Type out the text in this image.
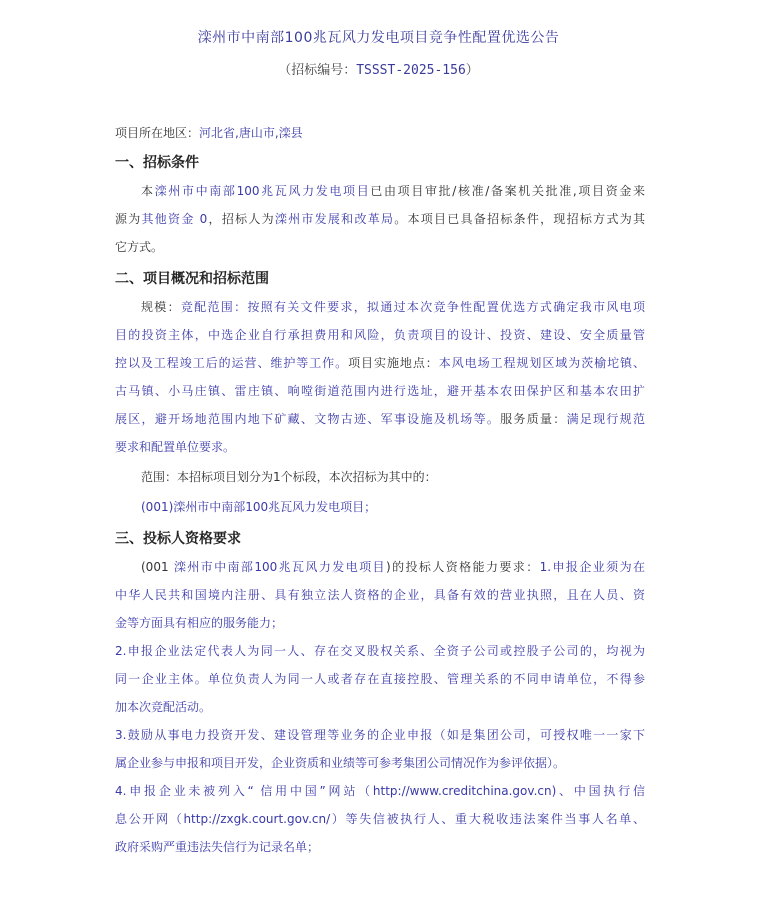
滦州市中南部100兆瓦风力发电项目竞争性配置优选公告
（招标编号：TSSST-2025-156）
项目所在地区：河北省,唐山市,滦县
一、招标条件
本滦州市中南部100兆瓦风力发电项目已由项目审批/核准/备案机关批准,项目资金来
源为其他资金 0，招标人为滦州市发展和改革局。本项目已具备招标条件，现招标方式为其
它方式。
二、项目概况和招标范围
规模：竞配范围：按照有关文件要求，拟通过本次竞争性配置优选方式确定我市风电项
目的投资主体，中选企业自行承担费用和风险，负责项目的设计、投资、建设、安全质量管
控以及工程竣工后的运营、维护等工作。项目实施地点：本风电场工程规划区域为茨榆坨镇、
古马镇、小马庄镇、雷庄镇、响嘡街道范围内进行选址，避开基本农田保护区和基本农田扩
展区，避开场地范围内地下矿藏、文物古迹、军事设施及机场等。服务质量：满足现行规范
要求和配置单位要求。
范围：本招标项目划分为1个标段，本次招标为其中的：
(001)滦州市中南部100兆瓦风力发电项目；
三、投标人资格要求
(001 滦州市中南部100兆瓦风力发电项目)的投标人资格能力要求：1.申报企业须为在
中华人民共和国境内注册、具有独立法人资格的企业，具备有效的营业执照，且在人员、资
金等方面具有相应的服务能力；
2.申报企业法定代表人为同一人、存在交叉股权关系、全资子公司或控股子公司的，均视为
同一企业主体。单位负责人为同一人或者存在直接控股、管理关系的不同申请单位，不得参
加本次竞配活动。
3.鼓励从事电力投资开发、建设管理等业务的企业申报（如是集团公司，可授权唯一一家下
属企业参与申报和项目开发，企业资质和业绩等可参考集团公司情况作为参评依据）。
4.申报企业未被列入“ 信用中国”网站（http://www.creditchina.gov.cn)、中国执行信
息公开网（http://zxgk.court.gov.cn/）等失信被执行人、重大税收违法案件当事人名单、
政府采购严重违法失信行为记录名单；
